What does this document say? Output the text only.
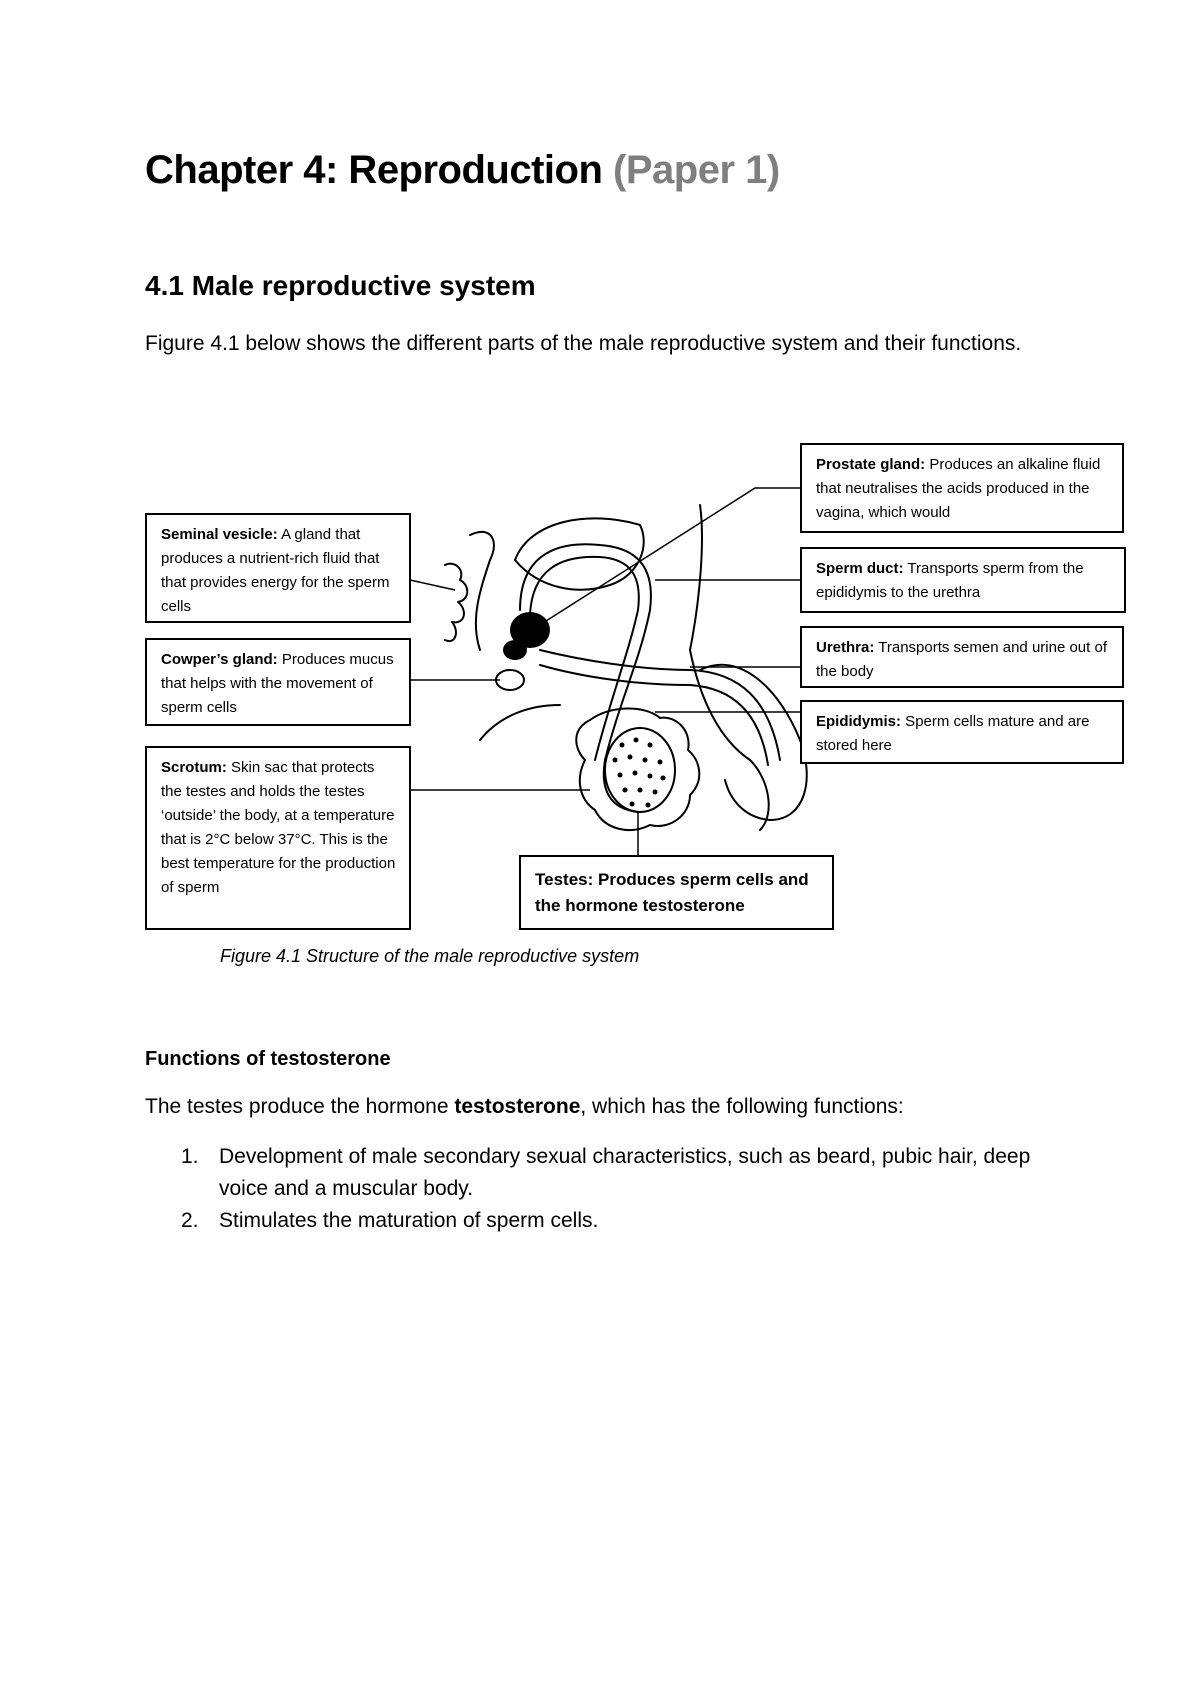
Chapter 4: Reproduction (Paper 1)
4.1 Male reproductive system
Figure 4.1 below shows the different parts of the male reproductive system and their functions.
Seminal vesicle: A gland that produces a nutrient-rich fluid that that provides energy for the sperm cells
Cowper’s gland: Produces mucus that helps with the movement of sperm cells
Scrotum: Skin sac that protects the testes and holds the testes ‘outside’ the body, at a temperature that is 2°C below 37°C. This is the best temperature for the production of sperm
Prostate gland: Produces an alkaline fluid that neutralises the acids produced in the vagina, which would
Sperm duct: Transports sperm from the epididymis to the urethra
Urethra: Transports semen and urine out of the body
Epididymis: Sperm cells mature and are stored here
Testes: Produces sperm cells and the hormone testosterone
Figure 4.1 Structure of the male reproductive system
Functions of testosterone
The testes produce the hormone testosterone, which has the following functions:
1. Development of male secondary sexual characteristics, such as beard, pubic hair, deep voice and a muscular body.
2. Stimulates the maturation of sperm cells.
